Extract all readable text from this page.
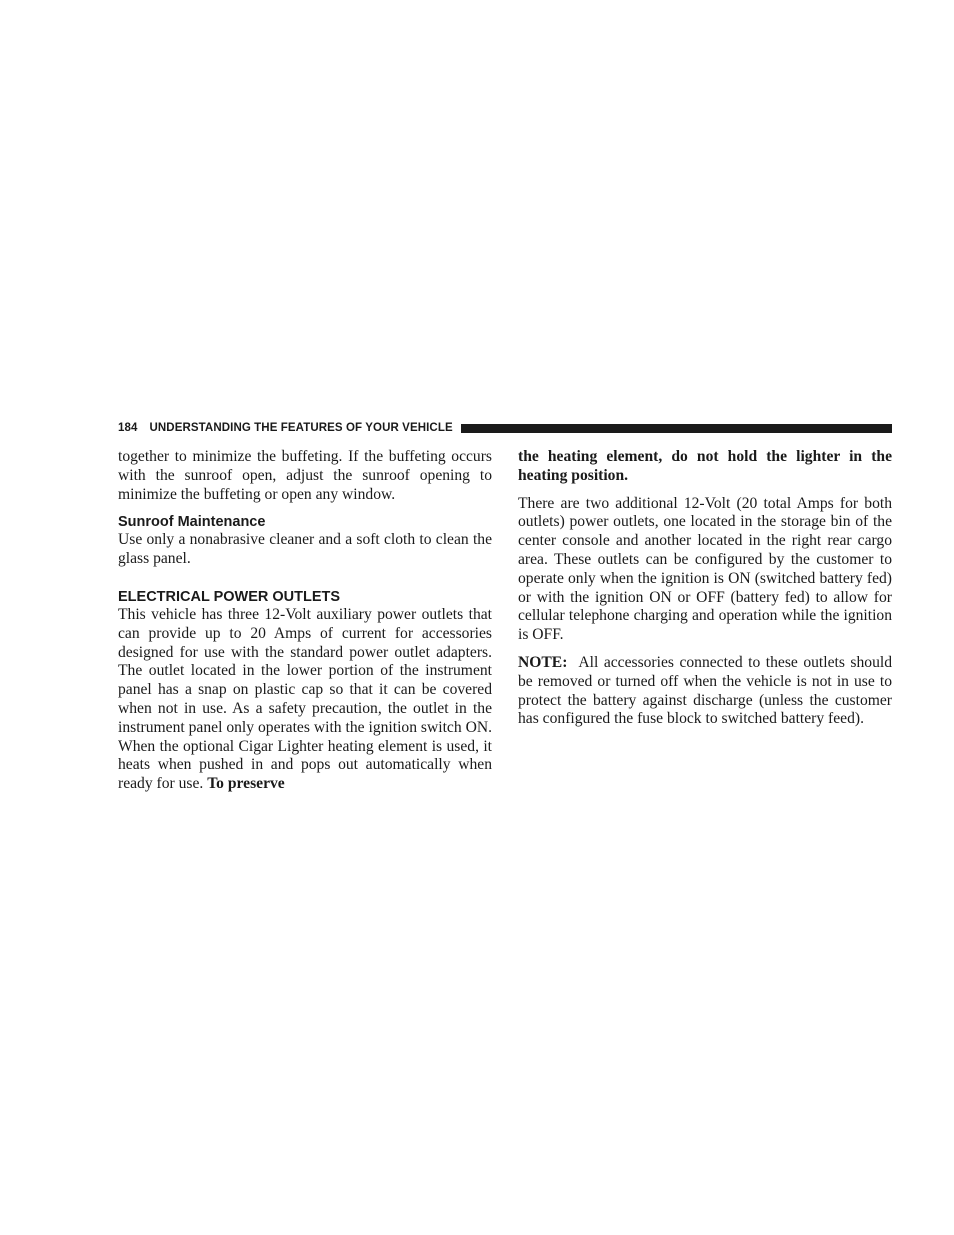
184 UNDERSTANDING THE FEATURES OF YOUR VEHICLE

together to minimize the buffeting. If the buffeting occurs with the sunroof open, adjust the sunroof opening to minimize the buffeting or open any window.

Sunroof Maintenance

Use only a nonabrasive cleaner and a soft cloth to clean the glass panel.

ELECTRICAL POWER OUTLETS

This vehicle has three 12-Volt auxiliary power outlets that can provide up to 20 Amps of current for accessories designed for use with the standard power outlet adapters. The outlet located in the lower portion of the instrument panel has a snap on plastic cap so that it can be covered when not in use. As a safety precaution, the outlet in the instrument panel only operates with the ignition switch ON. When the optional Cigar Lighter heating element is used, it heats when pushed in and pops out automatically when ready for use. To preserve

the heating element, do not hold the lighter in the heating position.

There are two additional 12-Volt (20 total Amps for both outlets) power outlets, one located in the storage bin of the center console and another located in the right rear cargo area. These outlets can be configured by the customer to operate only when the ignition is ON (switched battery fed) or with the ignition ON or OFF (battery fed) to allow for cellular telephone charging and operation while the ignition is OFF.

NOTE: All accessories connected to these outlets should be removed or turned off when the vehicle is not in use to protect the battery against discharge (unless the customer has configured the fuse block to switched battery feed).
